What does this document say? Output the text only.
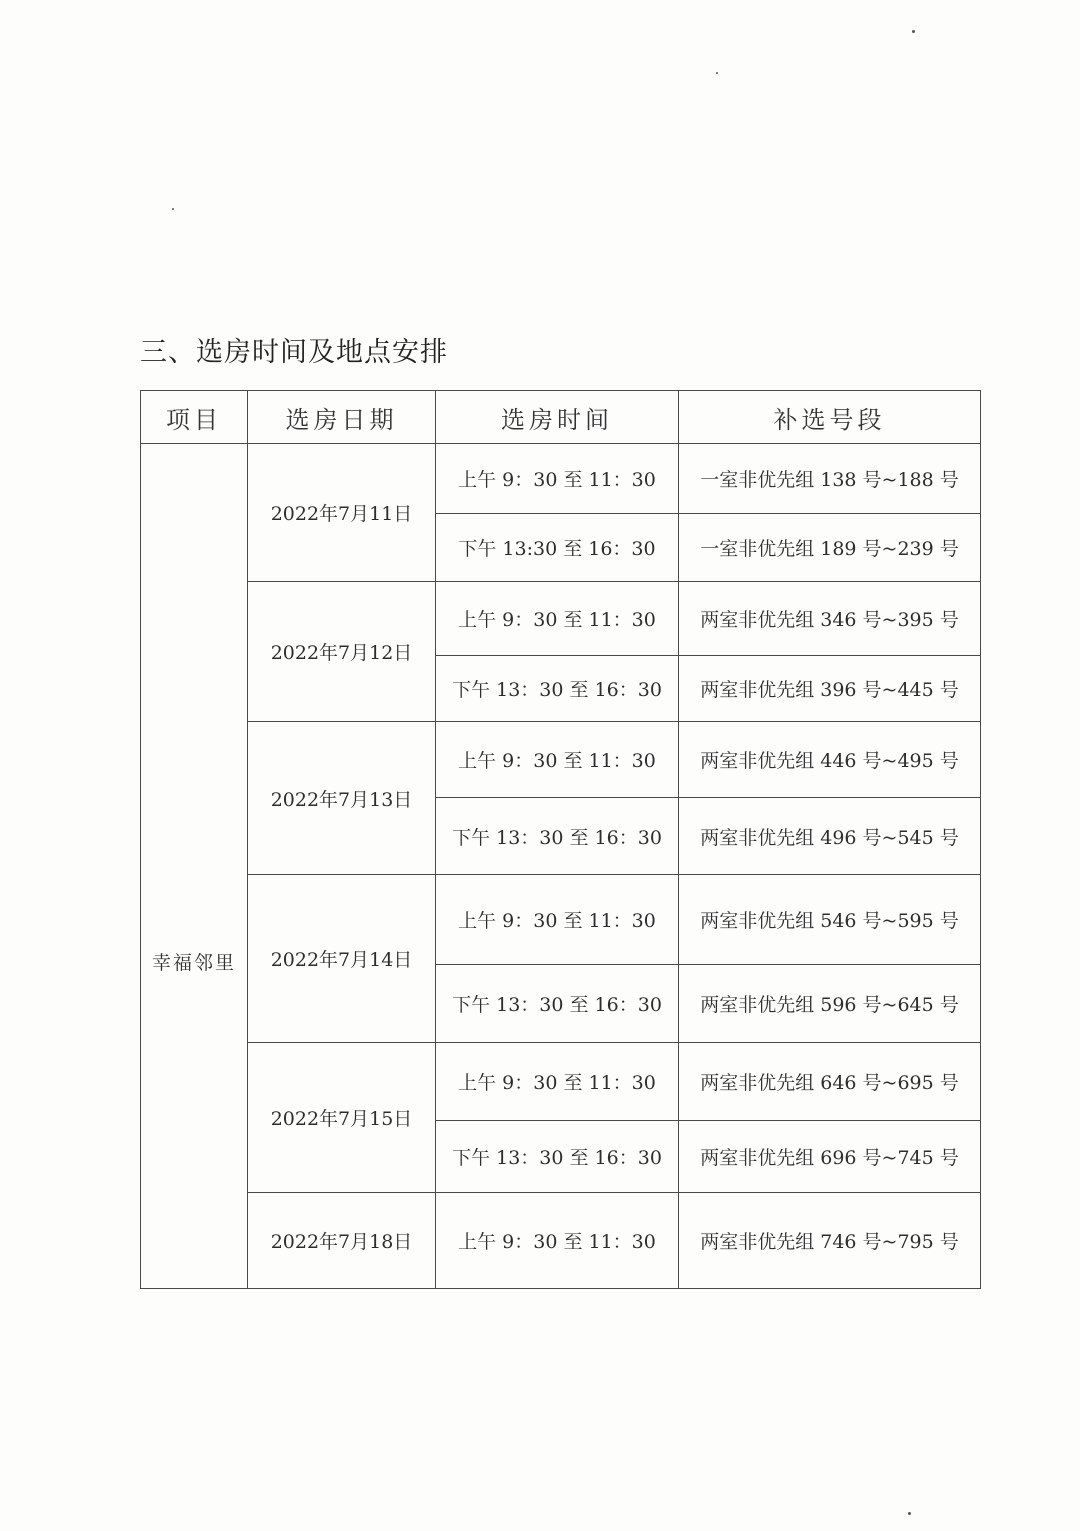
三、选房时间及地点安排
项目	选房日期	选房时间	补选号段
幸福邻里	2022年7月11日	上午 9：30 至 11：30	一室非优先组 138 号~188 号
		下午 13:30 至 16：30	一室非优先组 189 号~239 号
	2022年7月12日	上午 9：30 至 11：30	两室非优先组 346 号~395 号
		下午 13：30 至 16：30	两室非优先组 396 号~445 号
	2022年7月13日	上午 9：30 至 11：30	两室非优先组 446 号~495 号
		下午 13：30 至 16：30	两室非优先组 496 号~545 号
	2022年7月14日	上午 9：30 至 11：30	两室非优先组 546 号~595 号
		下午 13：30 至 16：30	两室非优先组 596 号~645 号
	2022年7月15日	上午 9：30 至 11：30	两室非优先组 646 号~695 号
		下午 13：30 至 16：30	两室非优先组 696 号~745 号
	2022年7月18日	上午 9：30 至 11：30	两室非优先组 746 号~795 号
